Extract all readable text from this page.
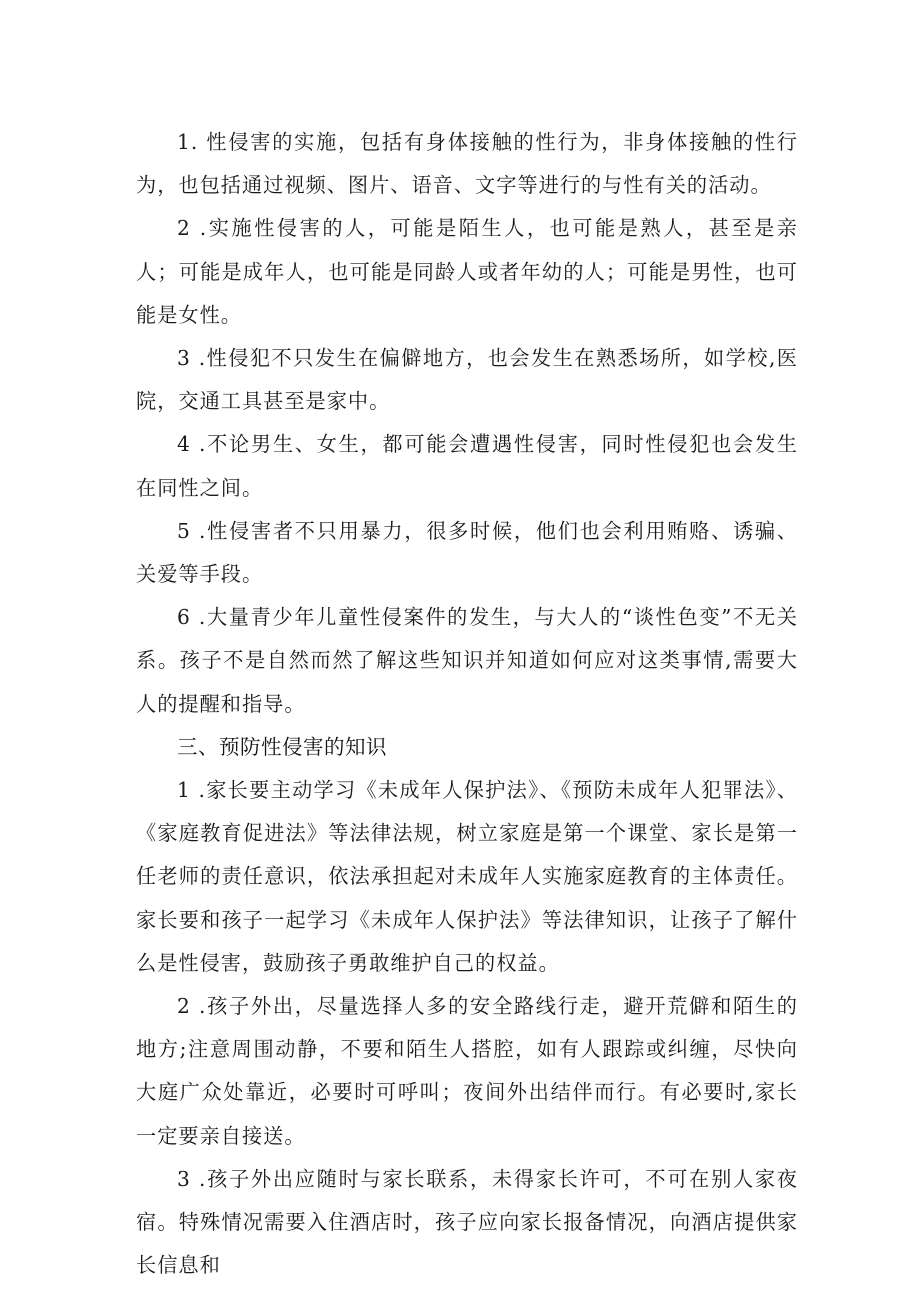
1. 性侵害的实施，包括有身体接触的性行为，非身体接触的性行为，也包括通过视频、图片、语音、文字等进行的与性有关的活动。

2 .实施性侵害的人，可能是陌生人，也可能是熟人，甚至是亲人；可能是成年人，也可能是同龄人或者年幼的人；可能是男性，也可能是女性。

3 .性侵犯不只发生在偏僻地方，也会发生在熟悉场所，如学校,医院，交通工具甚至是家中。

4 .不论男生、女生，都可能会遭遇性侵害，同时性侵犯也会发生在同性之间。

5 .性侵害者不只用暴力，很多时候，他们也会利用贿赂、诱骗、关爱等手段。

6 .大量青少年儿童性侵案件的发生，与大人的“谈性色变”不无关系。孩子不是自然而然了解这些知识并知道如何应对这类事情,需要大人的提醒和指导。

三、预防性侵害的知识

1 .家长要主动学习《未成年人保护法》、《预防未成年人犯罪法》、《家庭教育促进法》等法律法规，树立家庭是第一个课堂、家长是第一任老师的责任意识，依法承担起对未成年人实施家庭教育的主体责任。家长要和孩子一起学习《未成年人保护法》等法律知识，让孩子了解什么是性侵害，鼓励孩子勇敢维护自己的权益。

2 .孩子外出，尽量选择人多的安全路线行走，避开荒僻和陌生的地方;注意周围动静，不要和陌生人搭腔，如有人跟踪或纠缠，尽快向大庭广众处靠近，必要时可呼叫；夜间外出结伴而行。有必要时,家长一定要亲自接送。

3 .孩子外出应随时与家长联系，未得家长许可，不可在别人家夜宿。特殊情况需要入住酒店时，孩子应向家长报备情况，向酒店提供家长信息和
